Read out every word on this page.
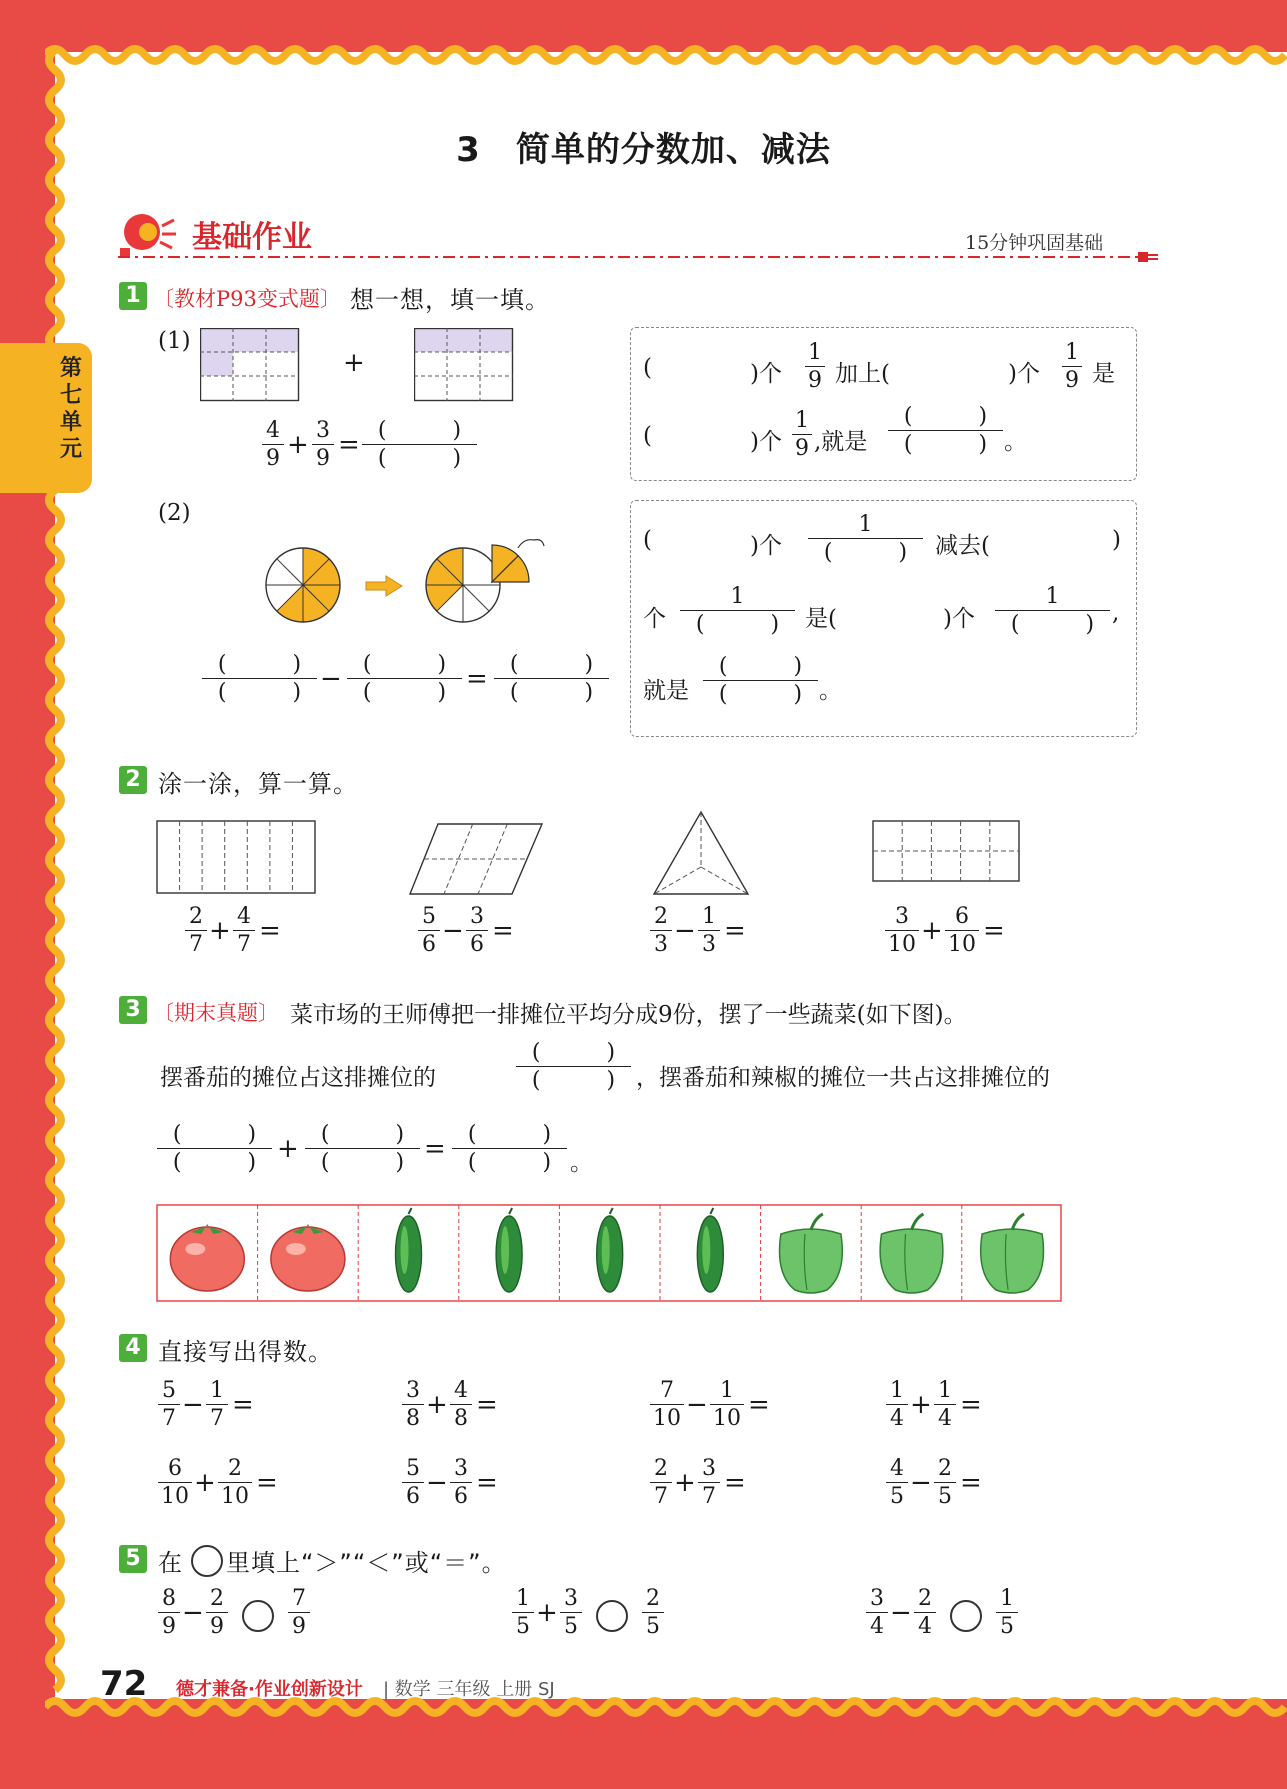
3　简单的分数加、减法
第七单元
基础作业	15分钟巩固基础
1 〔教材P93变式题〕 想一想，填一填。
(1)
+
$\frac{4}{9} + \frac{3}{9}$ = (　　　)
(　　　)
(	)个 $\frac{1}{9}$ 加上(	)个 $\frac{1}{9}$ 是
(	)个 $\frac{1}{9}$ ,就是
(　　　)
(　　　) 。
(2)
(　　　)
(　　　) − (　　　)
(　　　) =	(　　　)
(　　　)
(	)个
1
(　　　)	减去(	)
个
1
(　　　)	是(	)个
1
(　　　) ,
就是
(　　　)
(　　　) 。
2 涂一涂，算一算。
3 〔期末真题〕 菜市场的王师傅把一排摊位平均分成9份，摆了一些蔬菜(如下图)。
摆番茄的摊位占这排摊位的
(　　　)
(　　　) ，摆番茄和辣椒的摊位一共占这排摊位的
(　　　)
(　　　) +	(　　　)
(　　　) =	(　　　)
(　　　) 。
4 直接写出得数。
5 在 里填上“＞”“＜”或“＝”。
72 德才兼备·作业创新设计 | 数学 三年级 上册 SJ
$\frac{2}{7} + \frac{4}{7}$ =	$\frac{5}{6} - \frac{3}{6}$ =	$\frac{2}{3} - \frac{1}{3}$ =	$\frac{3}{10} + \frac{6}{10}$ =
$\frac{5}{7} - \frac{1}{7}$ =	$\frac{3}{8} + \frac{4}{8}$ =	$\frac{7}{10} - \frac{1}{10}$ =	$\frac{1}{4} + \frac{1}{4}$ =
$\frac{6}{10} + \frac{2}{10}$ =	$\frac{5}{6} - \frac{3}{6}$ =	$\frac{2}{7} + \frac{3}{7}$ =	$\frac{4}{5} - \frac{2}{5}$ =
$\frac{8}{9} - \frac{2}{9}$	$\frac{7}{9}$	$\frac{1}{5} + \frac{3}{5}$	$\frac{2}{5}$	$\frac{3}{4} - \frac{2}{4}$	$\frac{1}{5}$
